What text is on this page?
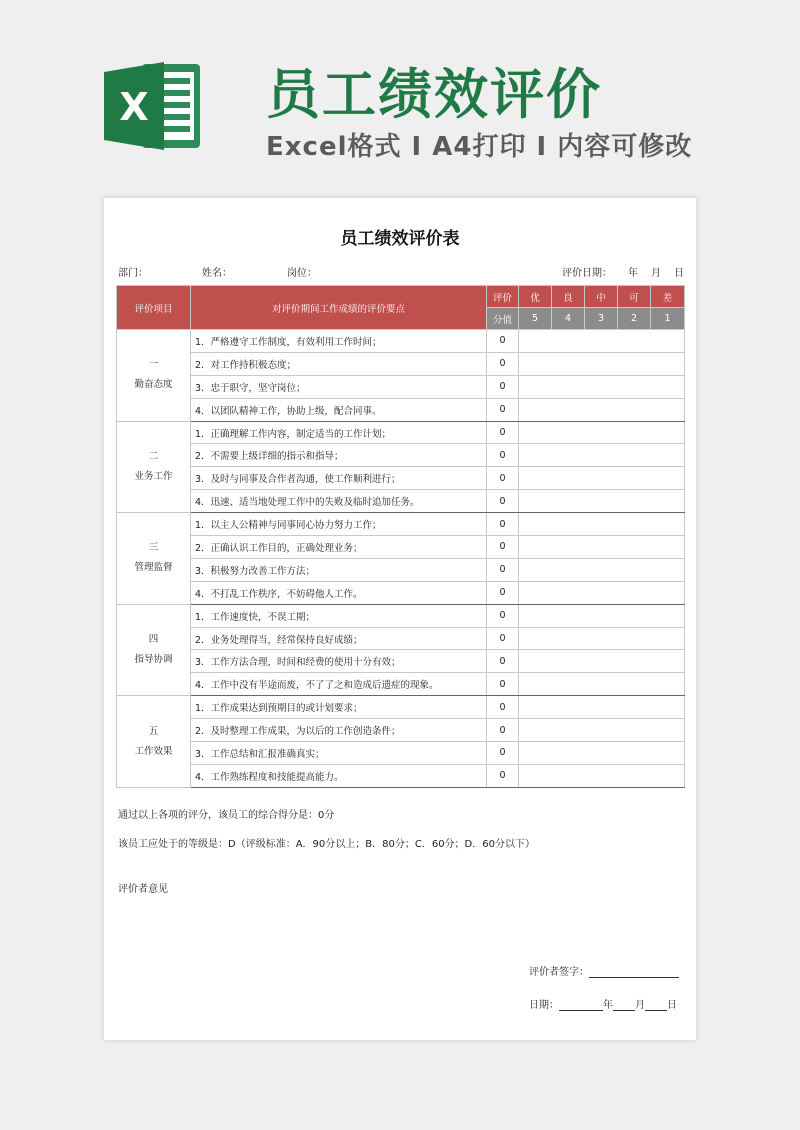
X 员工绩效评价
Excel格式 I A4打印 I 内容可修改
员工绩效评价表
部门：	姓名：	岗位：	评价日期： 年 月 日
评价项目	对评价期间工作成绩的评价要点	评价	优	良	中	可	差
		分值	5	4	3	2	1

一
勤奋态度	1．严格遵守工作制度，有效利用工作时间；	0					
	2．对工作持积极态度；	0					
	3．忠于职守，坚守岗位；	0					
	4．以团队精神工作，协助上级，配合同事。	0					

二
业务工作	1．正确理解工作内容，制定适当的工作计划；	0					
	2．不需要上级详细的指示和指导；	0					
	3．及时与同事及合作者沟通，使工作顺利进行；	0					
	4．迅速、适当地处理工作中的失败及临时追加任务。	0					

三
管理监督	1．以主人公精神与同事同心协力努力工作；	0					
	2．正确认识工作目的，正确处理业务；	0					
	3．积极努力改善工作方法；	0					
	4．不打乱工作秩序，不妨碍他人工作。	0					

四
指导协调	1．工作速度快，不误工期；	0					
	2．业务处理得当，经常保持良好成绩；	0					
	3．工作方法合理，时间和经费的使用十分有效；	0					
	4．工作中没有半途而废，不了了之和造成后遗症的现象。	0					

五
工作效果	1．工作成果达到预期目的或计划要求；	0					
	2．及时整理工作成果，为以后的工作创造条件；	0					
	3．工作总结和汇报准确真实；	0					
	4．工作熟练程度和技能提高能力。	0					
通过以上各项的评分，该员工的综合得分是：0分
该员工应处于的等级是：D（评级标准：A．90分以上；B．80分；C．60分；D．60分以下）
评价者意见
评价者签字：
日期：	年 月 日
